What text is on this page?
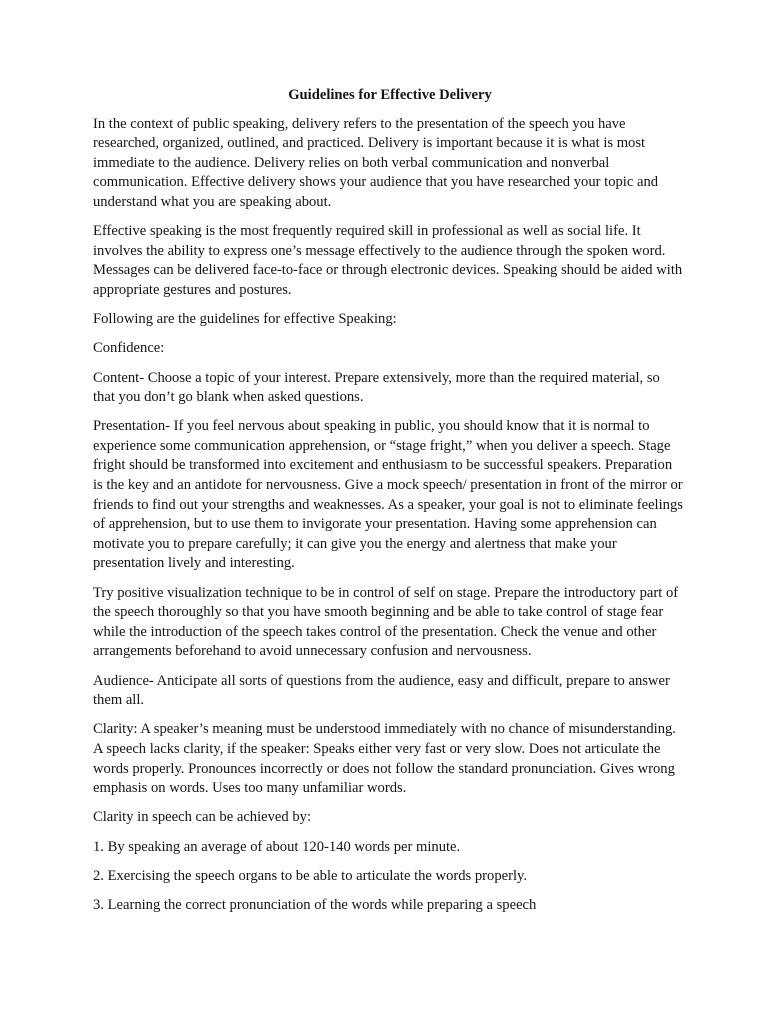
Guidelines for Effective Delivery

In the context of public speaking, delivery refers to the presentation of the speech you have researched, organized, outlined, and practiced. Delivery is important because it is what is most immediate to the audience. Delivery relies on both verbal communication and nonverbal communication. Effective delivery shows your audience that you have researched your topic and understand what you are speaking about.

Effective speaking is the most frequently required skill in professional as well as social life. It involves the ability to express one’s message effectively to the audience through the spoken word. Messages can be delivered face-to-face or through electronic devices. Speaking should be aided with appropriate gestures and postures.

Following are the guidelines for effective Speaking:

Confidence:

Content- Choose a topic of your interest. Prepare extensively, more than the required material, so that you don’t go blank when asked questions.

Presentation- If you feel nervous about speaking in public, you should know that it is normal to experience some communication apprehension, or “stage fright,” when you deliver a speech. Stage fright should be transformed into excitement and enthusiasm to be successful speakers. Preparation is the key and an antidote for nervousness. Give a mock speech/ presentation in front of the mirror or friends to find out your strengths and weaknesses. As a speaker, your goal is not to eliminate feelings of apprehension, but to use them to invigorate your presentation. Having some apprehension can motivate you to prepare carefully; it can give you the energy and alertness that make your presentation lively and interesting.

Try positive visualization technique to be in control of self on stage. Prepare the introductory part of the speech thoroughly so that you have smooth beginning and be able to take control of stage fear while the introduction of the speech takes control of the presentation. Check the venue and other arrangements beforehand to avoid unnecessary confusion and nervousness.

Audience- Anticipate all sorts of questions from the audience, easy and difficult, prepare to answer them all.

Clarity: A speaker’s meaning must be understood immediately with no chance of misunderstanding. A speech lacks clarity, if the speaker: Speaks either very fast or very slow. Does not articulate the words properly. Pronounces incorrectly or does not follow the standard pronunciation. Gives wrong emphasis on words. Uses too many unfamiliar words.

Clarity in speech can be achieved by:

1. By speaking an average of about 120-140 words per minute.

2. Exercising the speech organs to be able to articulate the words properly.

3. Learning the correct pronunciation of the words while preparing a speech
